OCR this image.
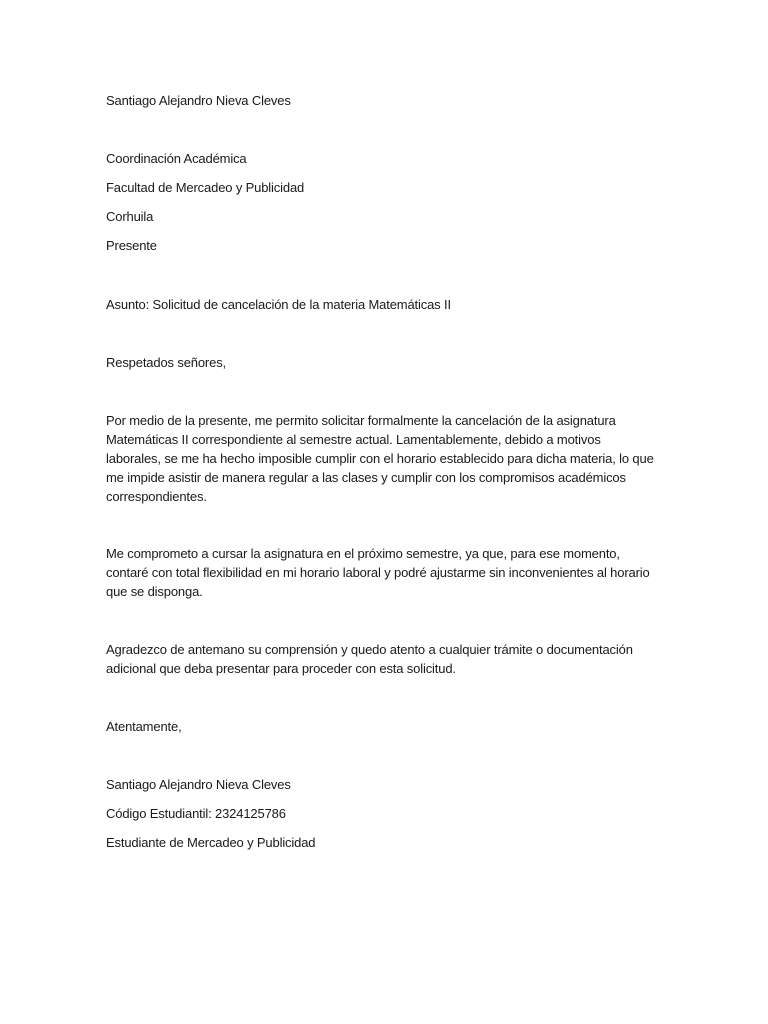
Santiago Alejandro Nieva Cleves
Coordinación Académica
Facultad de Mercadeo y Publicidad
Corhuila
Presente
Asunto: Solicitud de cancelación de la materia Matemáticas II
Respetados señores,
Por medio de la presente, me permito solicitar formalmente la cancelación de la asignatura
Matemáticas II correspondiente al semestre actual. Lamentablemente, debido a motivos
laborales, se me ha hecho imposible cumplir con el horario establecido para dicha materia, lo que
me impide asistir de manera regular a las clases y cumplir con los compromisos académicos
correspondientes.
Me comprometo a cursar la asignatura en el próximo semestre, ya que, para ese momento,
contaré con total flexibilidad en mi horario laboral y podré ajustarme sin inconvenientes al horario
que se disponga.
Agradezco de antemano su comprensión y quedo atento a cualquier trámite o documentación
adicional que deba presentar para proceder con esta solicitud.
Atentamente,
Santiago Alejandro Nieva Cleves
Código Estudiantil: 2324125786
Estudiante de Mercadeo y Publicidad
